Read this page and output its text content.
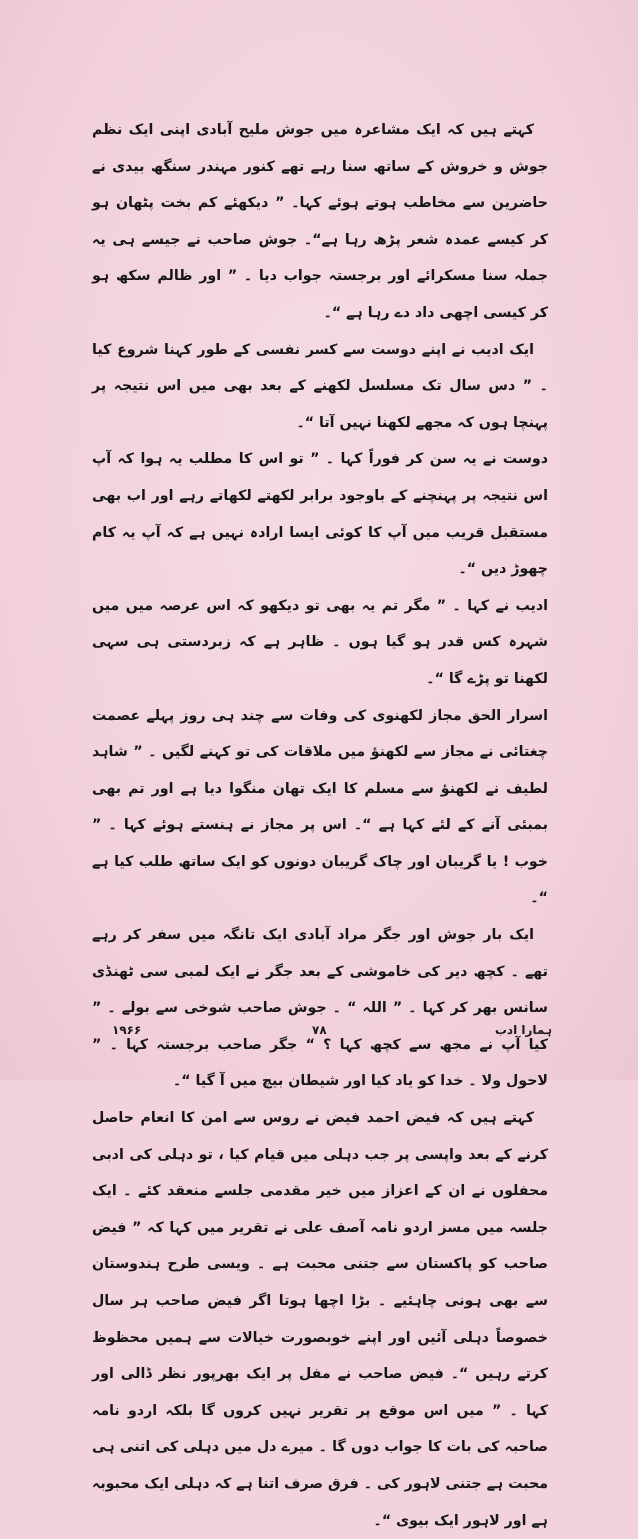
کہتے ہیں کہ ایک مشاعرہ میں جوش ملیح آبادی اپنی ایک نظم جوش و خروش کے ساتھ سنا رہے تھے کنور مہندر سنگھ بیدی نے حاضرین سے مخاطب ہوتے ہوئے کہا۔ ” دیکھئے کم بخت پٹھان ہو کر کیسے عمدہ شعر پڑھ رہا ہے“۔ جوش صاحب نے جیسے ہی یہ جملہ سنا مسکرائے اور برجستہ جواب دیا ۔ ” اور ظالم سکھ ہو کر کیسی اچھی داد دے رہا ہے “۔

ایک ادیب نے اپنے دوست سے کسر نفسی کے طور کہنا شروع کیا ۔ ” دس سال تک مسلسل لکھنے کے بعد بھی میں اس نتیجہ پر پہنچا ہوں کہ مجھے لکھنا نہیں آتا “۔

دوست نے یہ سن کر فوراً کہا ۔ ” تو اس کا مطلب یہ ہوا کہ آپ اس نتیجہ پر پہنچنے کے باوجود برابر لکھتے لکھاتے رہے اور اب بھی مستقبل قریب میں آپ کا کوئی ایسا ارادہ نہیں ہے کہ آپ یہ کام چھوڑ دیں “۔

ادیب نے کہا ۔ ” مگر تم یہ بھی تو دیکھو کہ اس عرصہ میں میں شہرہ کس قدر ہو گیا ہوں ۔ ظاہر ہے کہ زبردستی ہی سہی لکھنا تو پڑے گا “۔

اسرار الحق مجاز لکھنوی کی وفات سے چند ہی روز پہلے عصمت چغتائی نے مجاز سے لکھنؤ میں ملاقات کی تو کہنے لگیں ۔ ” شاہد لطیف نے لکھنؤ سے مسلم کا ایک تھان منگوا دیا ہے اور تم بھی بمبئی آنے کے لئے کہا ہے “۔ اس پر مجاز نے ہنستے ہوئے کہا ۔ ” خوب ! یا گریبان اور چاک گریبان دونوں کو ایک ساتھ طلب کیا ہے “۔

ایک بار جوش اور جگر مراد آبادی ایک تانگہ میں سفر کر رہے تھے ۔ کچھ دیر کی خاموشی کے بعد جگر نے ایک لمبی سی ٹھنڈی سانس بھر کر کہا ۔ ” اللہ “ ۔ جوش صاحب شوخی سے بولے ۔ ” کیا آپ نے مجھ سے کچھ کہا ؟ “ جگر صاحب برجستہ کہا ۔ ” لاحول ولا ۔ خدا کو یاد کیا اور شیطان بیچ میں آ گیا “۔

کہتے ہیں کہ فیض احمد فیض نے روس سے امن کا انعام حاصل کرنے کے بعد واپسی پر جب دہلی میں قیام کیا ، تو دہلی کی ادبی محفلوں نے ان کے اعزاز میں خیر مقدمی جلسے منعقد کئے ۔ ایک جلسہ میں مسز اردو نامہ آصف علی نے تقریر میں کہا کہ ” فیض صاحب کو پاکستان سے جتنی محبت ہے ۔ ویسی طرح ہندوستان سے بھی ہونی چاہئیے ۔ بڑا اچھا ہوتا اگر فیض صاحب ہر سال خصوصاً دہلی آئیں اور اپنے خوبصورت خیالات سے ہمیں محظوظ کرتے رہیں “۔ فیض صاحب نے مفل پر ایک بھرپور نظر ڈالی اور کہا ۔ ” میں اس موقع پر تقریر نہیں کروں گا بلکہ اردو نامہ صاحبہ کی بات کا جواب دوں گا ۔ میرے دل میں دہلی کی اتنی ہی محبت ہے جتنی لاہور کی ۔ فرق صرف اتنا ہے کہ دہلی ایک محبوبہ ہے اور لاہور ایک بیوی “۔

۱۹۶۶	۷۸	ہمارا ادب
